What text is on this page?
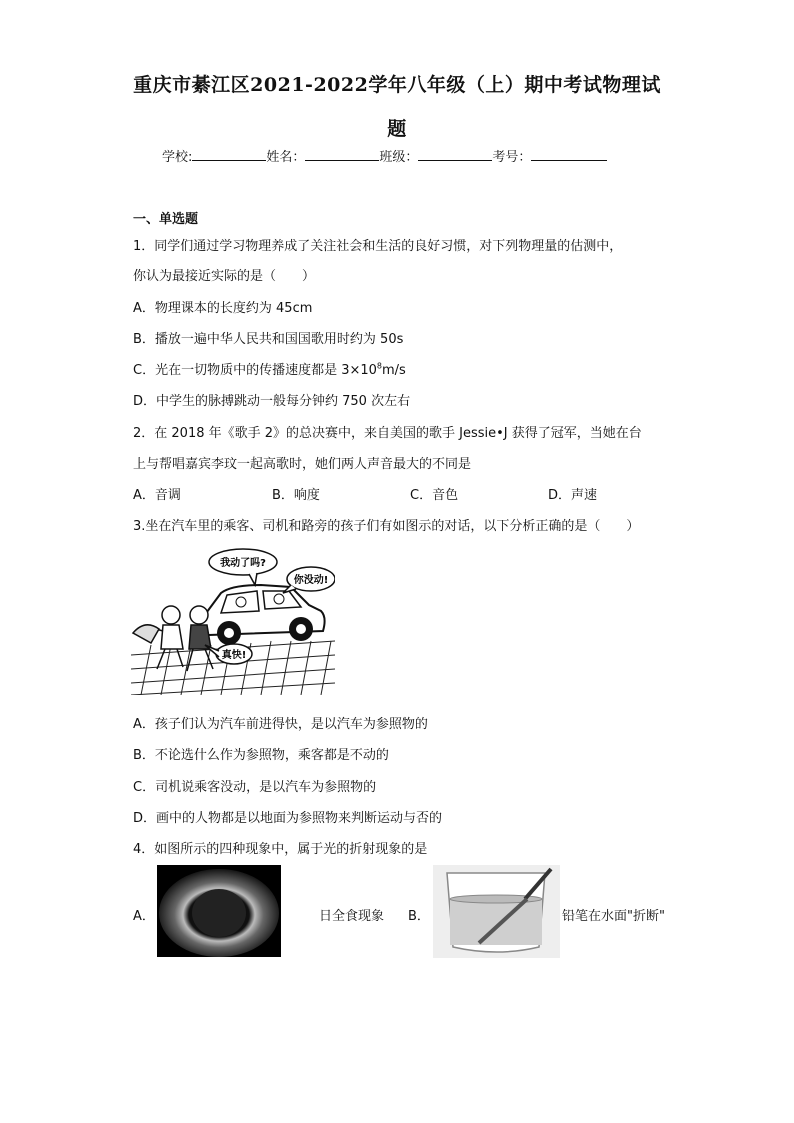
重庆市綦江区2021-2022学年八年级（上）期中考试物理试
题
学校:	姓名：	班级：	考号：
一、单选题
1．同学们通过学习物理养成了关注社会和生活的良好习惯，对下列物理量的估测中，
你认为最接近实际的是（　　）
A．物理课本的长度约为 45cm
B．播放一遍中华人民共和国国歌用时约为 50s
C．光在一切物质中的传播速度都是 $3\times 10^8m/s$
D．中学生的脉搏跳动一般每分钟约 750 次左右
2．在 2018 年《歌手 2》的总决赛中，来自美国的歌手 Jessie•J 获得了冠军，当她在台
上与帮唱嘉宾李玟一起高歌时，她们两人声音最大的不同是
A．音调	B．响度	C．音色	D．声速
3.坐在汽车里的乘客、司机和路旁的孩子们有如图示的对话，以下分析正确的是（　　）
我动了吗?
你没动!
真快!
A．孩子们认为汽车前进得快，是以汽车为参照物的
B．不论选什么作为参照物，乘客都是不动的
C．司机说乘客没动，是以汽车为参照物的
D．画中的人物都是以地面为参照物来判断运动与否的
4．如图所示的四种现象中，属于光的折射现象的是
A．	日全食现象 B．	铅笔在水面"折断"
